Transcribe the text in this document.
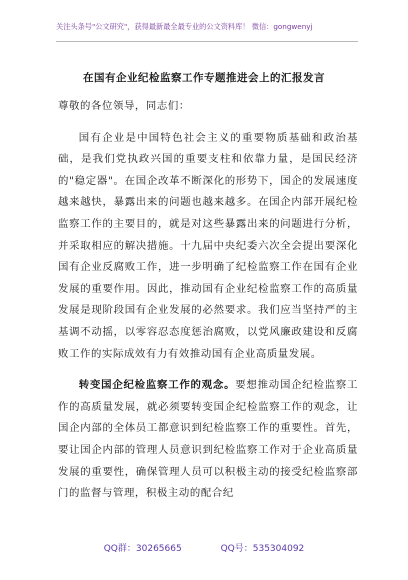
关注头条号"公文研究"，获得最新最全最专业的公文资料库！ 微信：gongwenyj
在国有企业纪检监察工作专题推进会上的汇报发言

尊敬的各位领导，同志们：

国有企业是中国特色社会主义的重要物质基础和政治基础，是我们党执政兴国的重要支柱和依靠力量，是国民经济的"稳定器"。在国企改革不断深化的形势下，国企的发展速度越来越快，暴露出来的问题也越来越多。在国企内部开展纪检监察工作的主要目的，就是对这些暴露出来的问题进行分析，并采取相应的解决措施。十九届中央纪委六次全会提出要深化国有企业反腐败工作，进一步明确了纪检监察工作在国有企业发展的重要作用。因此，推动国有企业纪检监察工作的高质量发展是现阶段国有企业发展的必然要求。我们应当坚持严的主基调不动摇，以零容忍态度惩治腐败，以党风廉政建设和反腐败工作的实际成效有力有效推动国有企业高质量发展。

转变国企纪检监察工作的观念。要想推动国企纪检监察工作的高质量发展，就必须要转变国企纪检监察工作的观念，让国企内部的全体员工都意识到纪检监察工作的重要性。首先，要让国企内部的管理人员意识到纪检监察工作对于企业高质量发展的重要性，确保管理人员可以积极主动的接受纪检监察部门的监督与管理，积极主动的配合纪

QQ群：30265665	QQ号：535304092
